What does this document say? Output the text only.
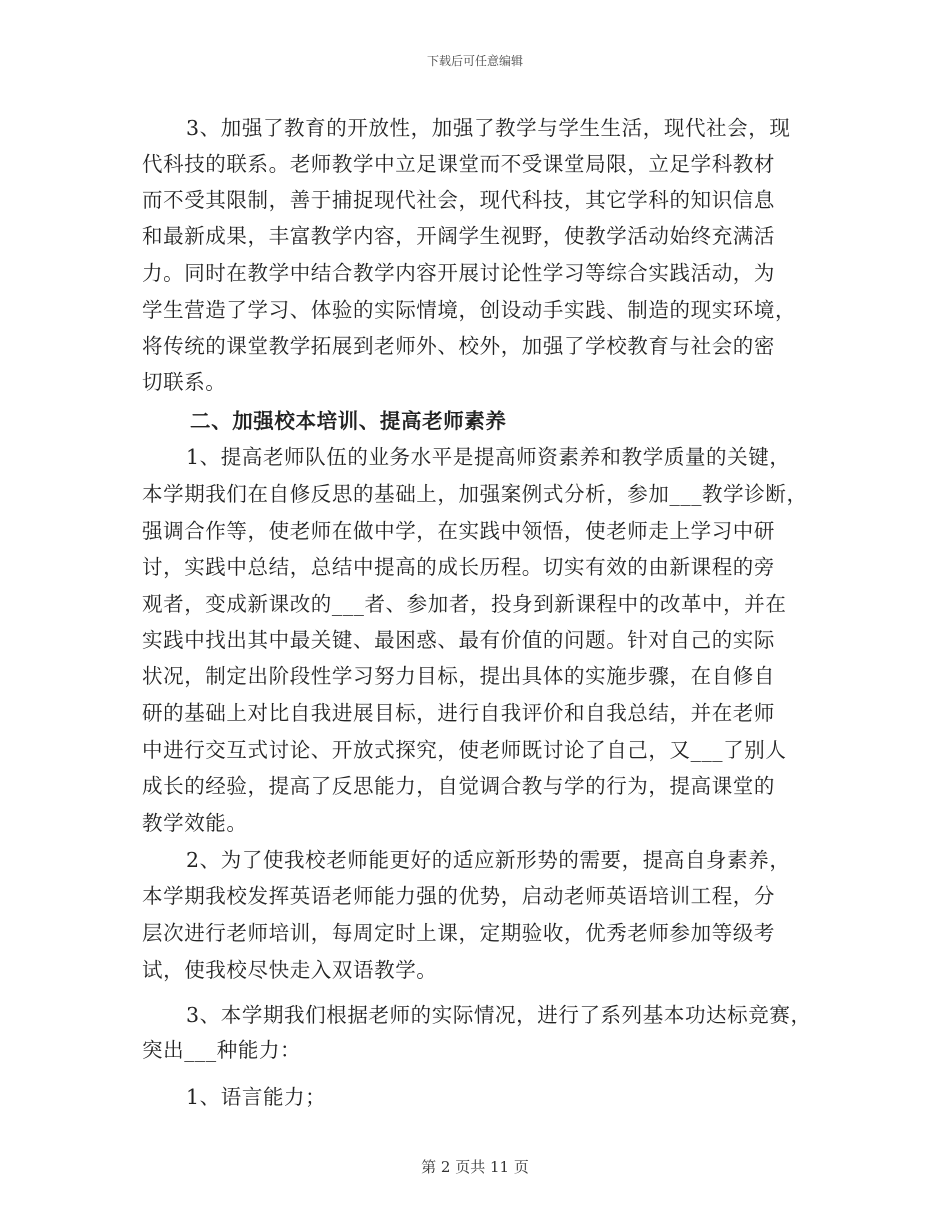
下载后可任意编辑
3、加强了教育的开放性，加强了教学与学生生活，现代社会，现
代科技的联系。老师教学中立足课堂而不受课堂局限，立足学科教材
而不受其限制，善于捕捉现代社会，现代科技，其它学科的知识信息
和最新成果，丰富教学内容，开阔学生视野，使教学活动始终充满活
力。同时在教学中结合教学内容开展讨论性学习等综合实践活动，为
学生营造了学习、体验的实际情境，创设动手实践、制造的现实环境，
将传统的课堂教学拓展到老师外、校外，加强了学校教育与社会的密
切联系。
二、加强校本培训、提高老师素养
1、提高老师队伍的业务水平是提高师资素养和教学质量的关键，
本学期我们在自修反思的基础上，加强案例式分析，参加___教学诊断，
强调合作等，使老师在做中学，在实践中领悟，使老师走上学习中研
讨，实践中总结，总结中提高的成长历程。切实有效的由新课程的旁
观者，变成新课改的___者、参加者，投身到新课程中的改革中，并在
实践中找出其中最关键、最困惑、最有价值的问题。针对自己的实际
状况，制定出阶段性学习努力目标，提出具体的实施步骤，在自修自
研的基础上对比自我进展目标，进行自我评价和自我总结，并在老师
中进行交互式讨论、开放式探究，使老师既讨论了自己，又___了别人
成长的经验，提高了反思能力，自觉调合教与学的行为，提高课堂的
教学效能。
2、为了使我校老师能更好的适应新形势的需要，提高自身素养，
本学期我校发挥英语老师能力强的优势，启动老师英语培训工程，分
层次进行老师培训，每周定时上课，定期验收，优秀老师参加等级考
试，使我校尽快走入双语教学。
3、本学期我们根据老师的实际情况，进行了系列基本功达标竞赛，
突出___种能力：
1、语言能力；
第 2 页共 11 页
